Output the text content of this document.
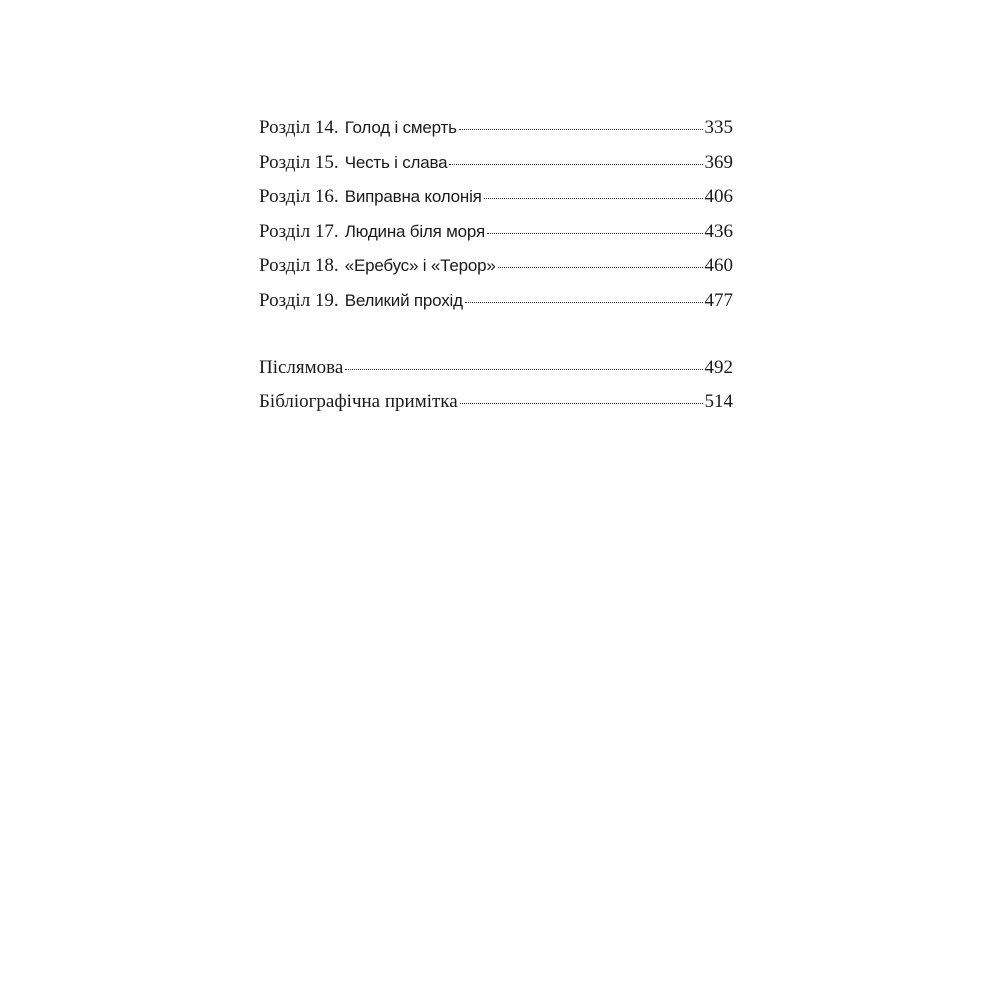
Розділ 14. Голод і смерть	335
Розділ 15. Честь і слава	369
Розділ 16. Виправна колонія	406
Розділ 17. Людина біля моря	436
Розділ 18. «Еребус» і «Терор»	460
Розділ 19. Великий прохід	477
Післямова	492
Бібліографічна примітка	514
